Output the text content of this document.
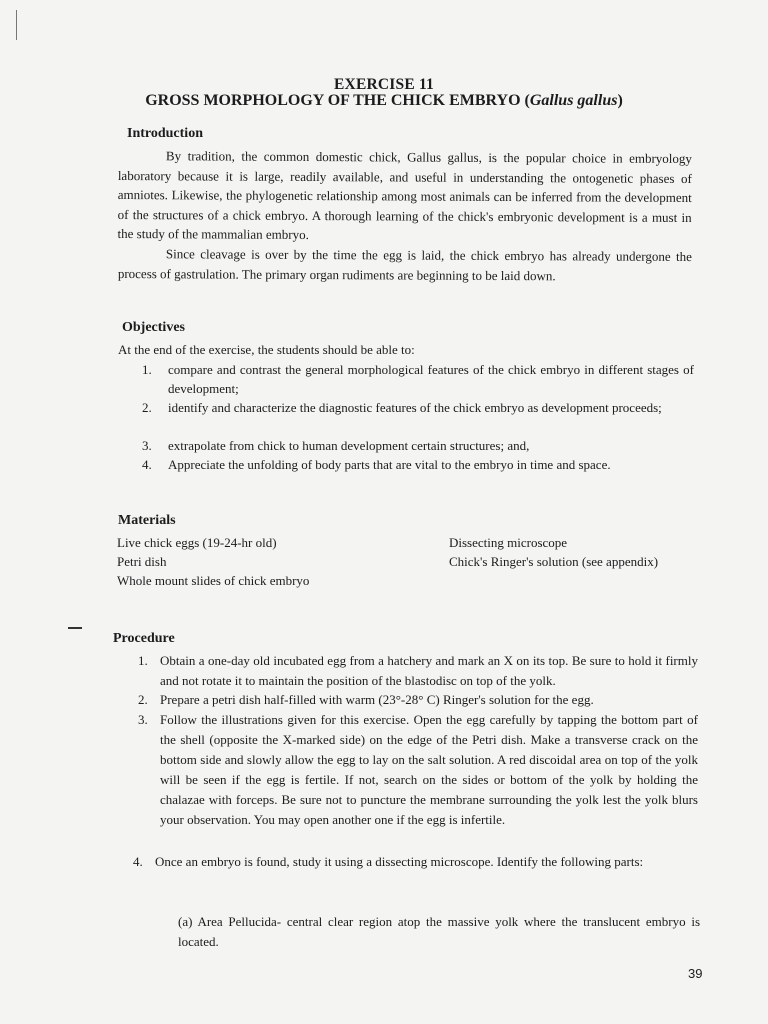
EXERCISE 11
GROSS MORPHOLOGY OF THE CHICK EMBRYO (Gallus gallus)
Introduction
By tradition, the common domestic chick, Gallus gallus, is the popular choice in embryology laboratory because it is large, readily available, and useful in understanding the ontogenetic phases of amniotes. Likewise, the phylogenetic relationship among most animals can be inferred from the development of the structures of a chick embryo. A thorough learning of the chick's embryonic development is a must in the study of the mammalian embryo.
Since cleavage is over by the time the egg is laid, the chick embryo has already undergone the process of gastrulation. The primary organ rudiments are beginning to be laid down.
Objectives
At the end of the exercise, the students should be able to:
1.	compare and contrast the general morphological features of the chick embryo in different stages of development;
2.	identify and characterize the diagnostic features of the chick embryo as development proceeds;
3.	extrapolate from chick to human development certain structures; and,
4.	Appreciate the unfolding of body parts that are vital to the embryo in time and space.
Materials
Live chick eggs (19-24-hr old)
Petri dish
Whole mount slides of chick embryo
Dissecting microscope
Chick's Ringer's solution (see appendix)
Procedure
1. Obtain a one-day old incubated egg from a hatchery and mark an X on its top. Be sure to hold it firmly and not rotate it to maintain the position of the blastodisc on top of the yolk.
2. Prepare a petri dish half-filled with warm (23°-28° C) Ringer's solution for the egg.
3. Follow the illustrations given for this exercise. Open the egg carefully by tapping the bottom part of the shell (opposite the X-marked side) on the edge of the Petri dish. Make a transverse crack on the bottom side and slowly allow the egg to lay on the salt solution. A red discoidal area on top of the yolk will be seen if the egg is fertile. If not, search on the sides or bottom of the yolk by holding the chalazae with forceps. Be sure not to puncture the membrane surrounding the yolk lest the yolk blurs your observation. You may open another one if the egg is infertile.
4. Once an embryo is found, study it using a dissecting microscope. Identify the following parts:
(a) Area Pellucida- central clear region atop the massive yolk where the translucent embryo is located.
39
